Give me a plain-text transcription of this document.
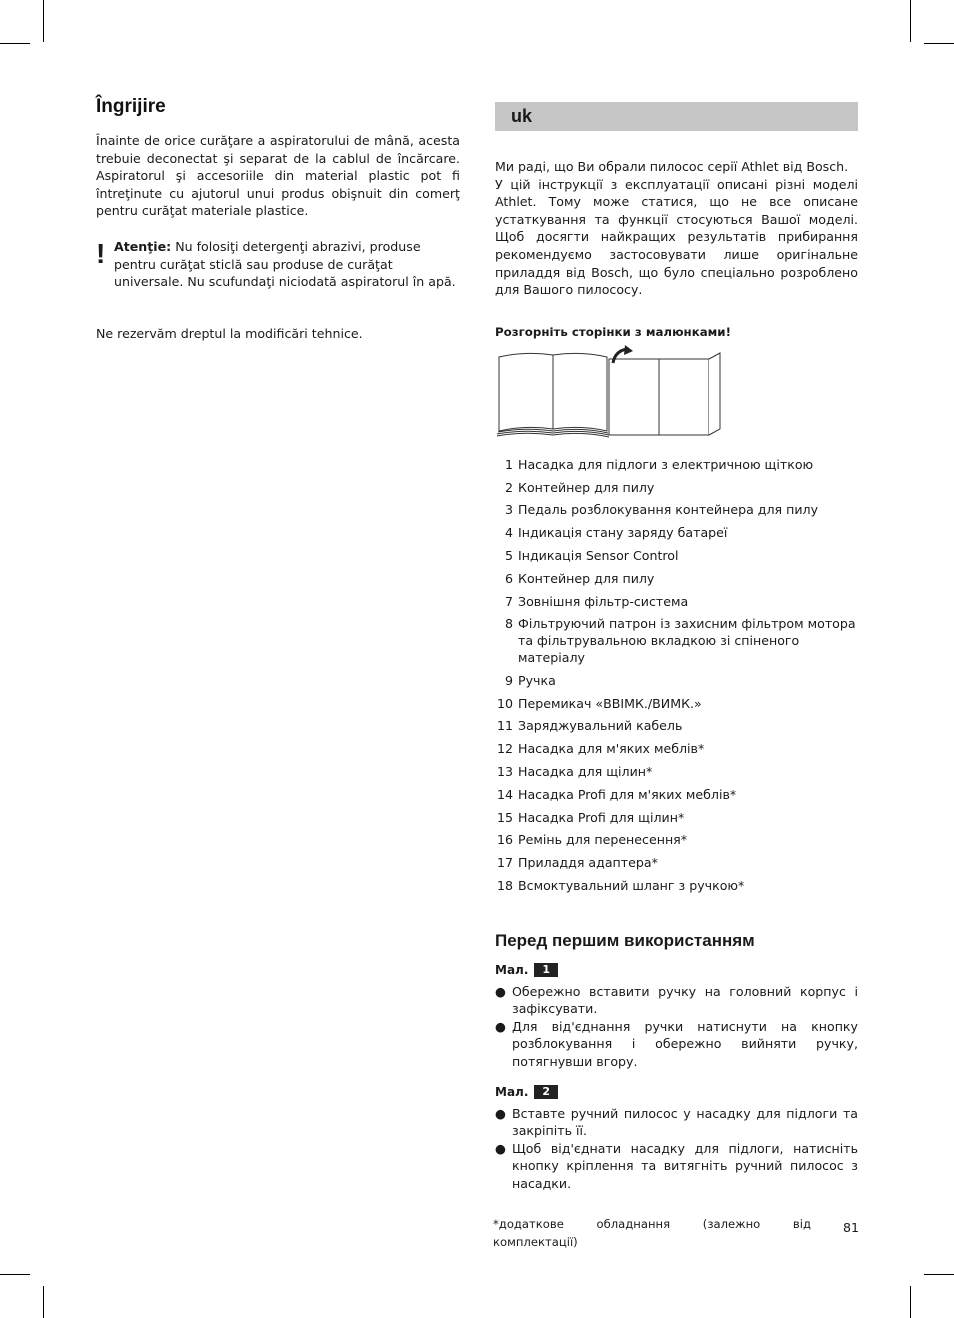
Îngrijire

Înainte de orice curăţare a aspiratorului de mână, acesta trebuie deconectat şi separat de la cablul de încărcare. Aspiratorul şi accesoriile din material plastic pot fi întreţinute cu ajutorul unui produs obişnuit din comerţ pentru curăţat materiale plastice.

! Atenţie: Nu folosiţi detergenţi abrazivi, produse pentru curăţat sticlă sau produse de curăţat universale. Nu scufundaţi niciodată aspiratorul în apă.

Ne rezervăm dreptul la modificări tehnice.

uk

Ми раді, що Ви обрали пилосос серії Athlet від Bosch.

У цій інструкції з експлуатації описані різні моделі Athlet. Тому може статися, що не все описане устаткування та функції стосуються Вашої моделі. Щоб досягти найкращих результатів прибирання рекомендуємо застосовувати лише оригінальне приладдя від Bosch, що було спеціально розроблено для Вашого пилососу.

Розгорніть сторінки з малюнками!

1 Насадка для підлоги з електричною щіткою
2 Контейнер для пилу
3 Педаль розблокування контейнера для пилу
4 Індикація стану заряду батареї
5 Індикація Sensor Control
6 Контейнер для пилу
7 Зовнішня фільтр-система
8 Фільтруючий патрон із захисним фільтром мотора та фільтрувальною вкладкою зі спіненого матеріалу
9 Ручка
10 Перемикач «ВВІМК./ВИМК.»
11 Заряджувальний кабель
12 Насадка для м'яких меблів*
13 Насадка для щілин*
14 Насадка Profi для м'яких меблів*
15 Насадка Profi для щілин*
16 Ремінь для перенесення*
17 Приладдя адаптера*
18 Всмоктувальний шланг з ручкою*
Перед першим використанням
Мал.	1
● Обережно вставити ручку на головний корпус і зафіксувати.
● Для від'єднання ручки натиснути на кнопку розблокування і обережно вийняти ручку, потягнувши вгору.
Мал.	2
● Вставте ручний пилосос у насадку для підлоги та закріпіть її.
● Щоб від'єднати насадку для підлоги, натисніть кнопку кріплення та витягніть ручний пилосос з насадки.
*додаткове обладнання (залежно від комплектації)
81
